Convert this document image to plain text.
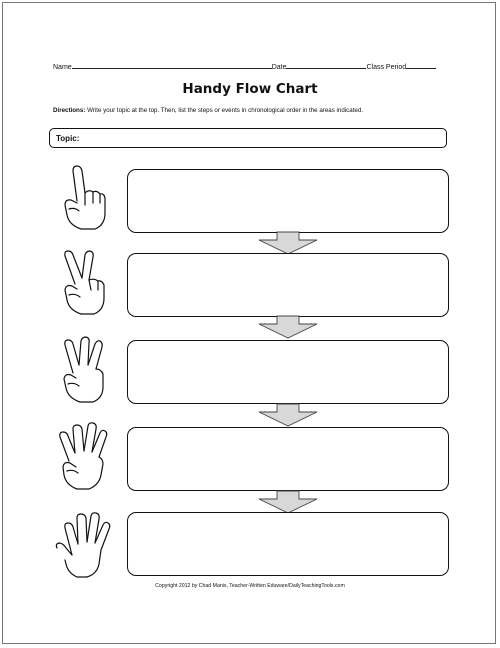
Name	Date	Class Period
Handy Flow Chart
Directions: Write your topic at the top. Then, list the steps or events in chronological order in the areas indicated.
Topic:
Copyright 2012 by Chad Manis, Teacher-Written Eduware/DailyTeachingTools.com
